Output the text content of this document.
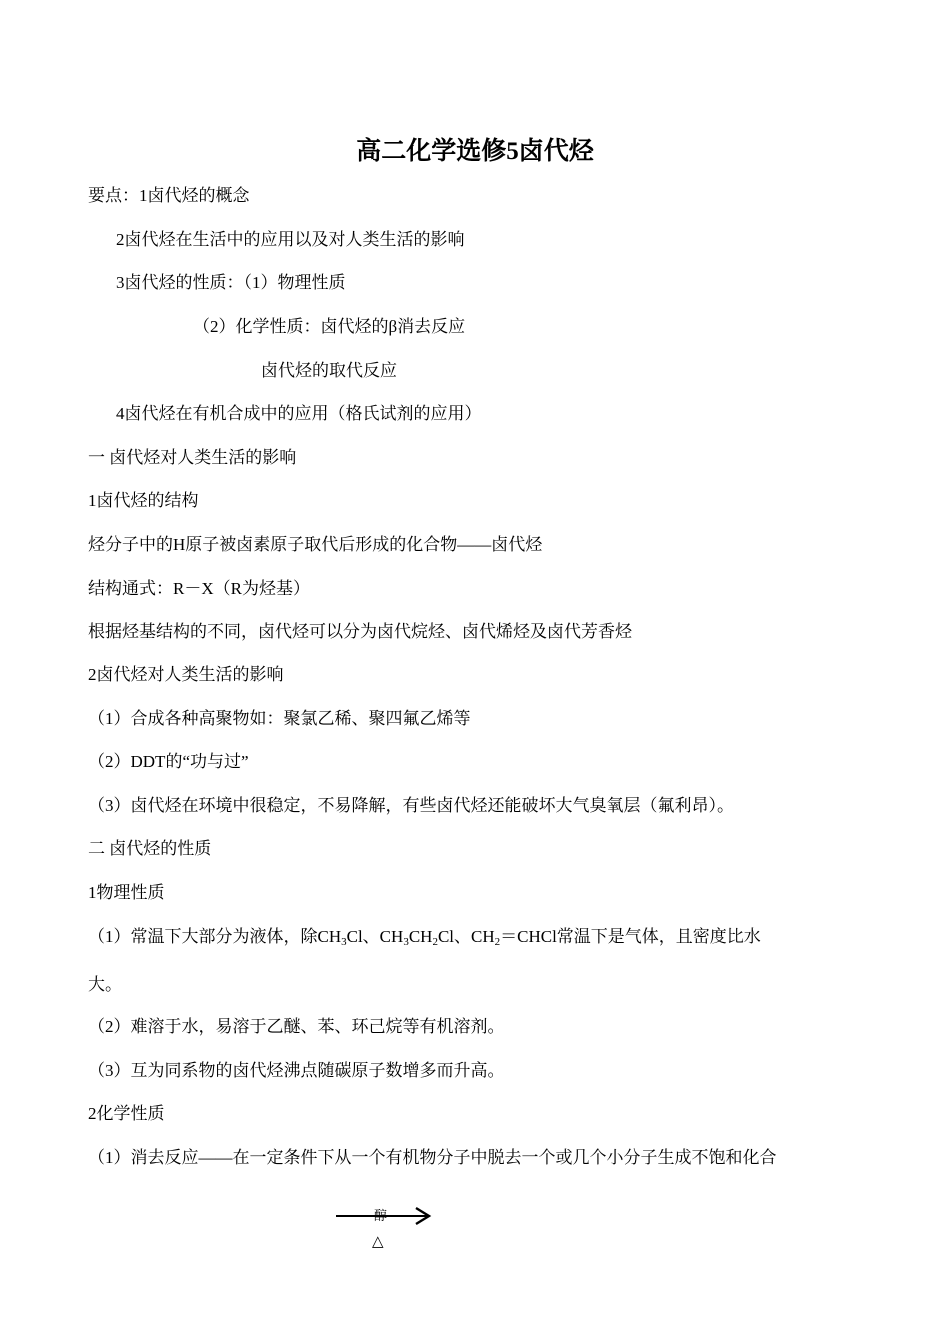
高二化学选修5卤代烃
要点：1卤代烃的概念
2卤代烃在生活中的应用以及对人类生活的影响
3卤代烃的性质：（1）物理性质
（2）化学性质：卤代烃的β消去反应
卤代烃的取代反应
4卤代烃在有机合成中的应用（格氏试剂的应用）
一 卤代烃对人类生活的影响
1卤代烃的结构
烃分子中的H原子被卤素原子取代后形成的化合物——卤代烃
结构通式：R－X（R为烃基）
根据烃基结构的不同，卤代烃可以分为卤代烷烃、卤代烯烃及卤代芳香烃
2卤代烃对人类生活的影响
（1）合成各种高聚物如：聚氯乙稀、聚四氟乙烯等
（2）DDT的“功与过”
（3）卤代烃在环境中很稳定，不易降解，有些卤代烃还能破坏大气臭氧层（氟利昂）。
二 卤代烃的性质
1物理性质
（1）常温下大部分为液体，除$CH_3Cl$、$CH_3CH_2Cl$、$CH_2=CHCl$常温下是气体，且密度比水
大。
（2）难溶于水，易溶于乙醚、苯、环己烷等有机溶剂。
（3）互为同系物的卤代烃沸点随碳原子数增多而升高。
2化学性质
（1）消去反应——在一定条件下从一个有机物分子中脱去一个或几个小分子生成不饱和化合
醇
△
